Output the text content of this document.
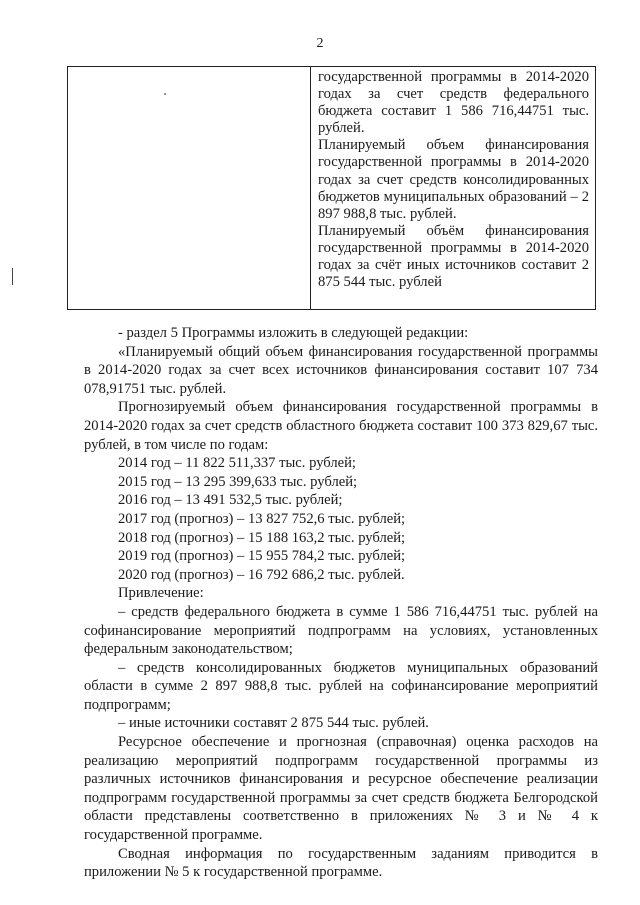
2

государственной программы в 2014-2020 годах за счет средств федерального бюджета составит 1 586 716,44751 тыс. рублей.

Планируемый объем финансирования государственной программы в 2014-2020 годах за счет средств консолидированных бюджетов муниципальных образований – 2 897 988,8 тыс. рублей.

Планируемый объём финансирования государственной программы в 2014-2020 годах за счёт иных источников составит 2 875 544 тыс. рублей

- раздел 5 Программы изложить в следующей редакции:

«Планируемый общий объем финансирования государственной программы в 2014-2020 годах за счет всех источников финансирования составит 107 734 078,91751 тыс. рублей.

Прогнозируемый объем финансирования государственной программы в 2014-2020 годах за счет средств областного бюджета составит 100 373 829,67 тыс. рублей, в том числе по годам:

2014 год – 11 822 511,337 тыс. рублей;

2015 год – 13 295 399,633 тыс. рублей;

2016 год – 13 491 532,5 тыс. рублей;

2017 год (прогноз) – 13 827 752,6 тыс. рублей;

2018 год (прогноз) – 15 188 163,2 тыс. рублей;

2019 год (прогноз) – 15 955 784,2 тыс. рублей;

2020 год (прогноз) – 16 792 686,2 тыс. рублей.

Привлечение:

– средств федерального бюджета в сумме 1 586 716,44751 тыс. рублей на софинансирование мероприятий подпрограмм на условиях, установленных федеральным законодательством;

– средств консолидированных бюджетов муниципальных образований области в сумме 2 897 988,8 тыс. рублей на софинансирование мероприятий подпрограмм;

– иные источники составят 2 875 544 тыс. рублей.

Ресурсное обеспечение и прогнозная (справочная) оценка расходов на реализацию мероприятий подпрограмм государственной программы из различных источников финансирования и ресурсное обеспечение реализации подпрограмм государственной программы за счет средств бюджета Белгородской области представлены соответственно в приложениях № 3 и № 4 к государственной программе.

Сводная информация по государственным заданиям приводится в приложении № 5 к государственной программе.
